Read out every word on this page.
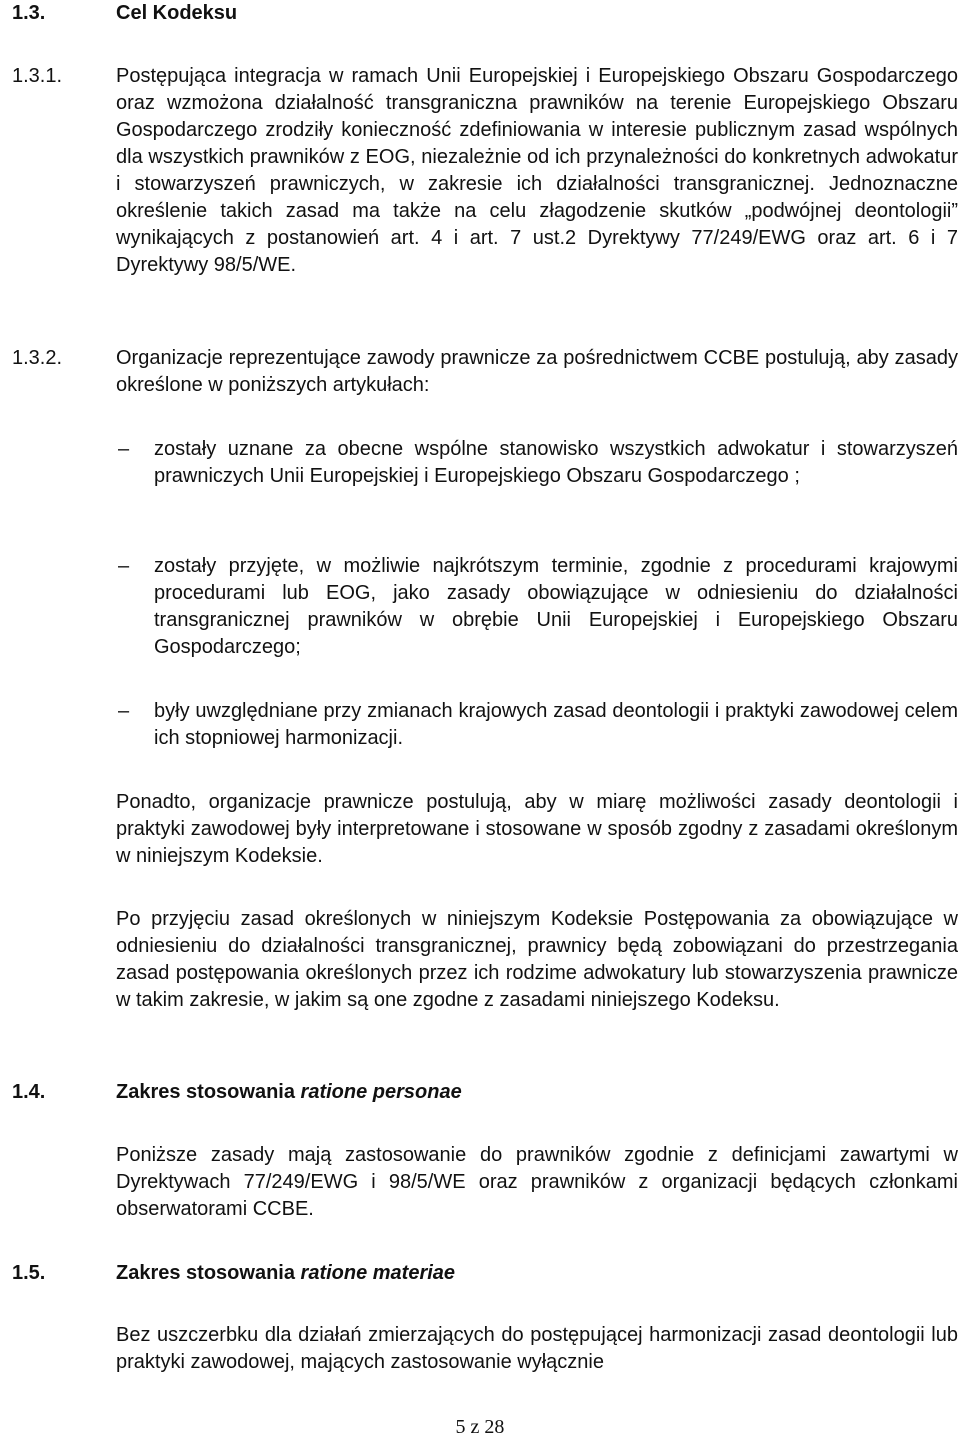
1.3.	Cel Kodeksu
1.3.1.	Postępująca integracja w ramach Unii Europejskiej i Europejskiego Obszaru Gospodarczego oraz wzmożona działalność transgraniczna prawników na terenie Europejskiego Obszaru Gospodarczego zrodziły konieczność zdefiniowania w interesie publicznym zasad wspólnych dla wszystkich prawników z EOG, niezależnie od ich przynależności do konkretnych adwokatur i stowarzyszeń prawniczych, w zakresie ich działalności transgranicznej. Jednoznaczne określenie takich zasad ma także na celu złagodzenie skutków „podwójnej deontologii” wynikających z postanowień art. 4 i art. 7 ust.2 Dyrektywy 77/249/EWG oraz art. 6 i 7 Dyrektywy 98/5/WE.
1.3.2.	Organizacje reprezentujące zawody prawnicze za pośrednictwem CCBE postulują, aby zasady określone w poniższych artykułach:
– zostały uznane za obecne wspólne stanowisko wszystkich adwokatur i stowarzyszeń prawniczych Unii Europejskiej i Europejskiego Obszaru Gospodarczego ;
– zostały przyjęte, w możliwie najkrótszym terminie, zgodnie z procedurami krajowymi procedurami lub EOG, jako zasady obowiązujące w odniesieniu do działalności transgranicznej prawników w obrębie Unii Europejskiej i Europejskiego Obszaru Gospodarczego;
– były uwzględniane przy zmianach krajowych zasad deontologii i praktyki zawodowej celem ich stopniowej harmonizacji.
Ponadto, organizacje prawnicze postulują, aby w miarę możliwości zasady deontologii i praktyki zawodowej były interpretowane i stosowane w sposób zgodny z zasadami określonym w niniejszym Kodeksie.
Po przyjęciu zasad określonych w niniejszym Kodeksie Postępowania za obowiązujące w odniesieniu do działalności transgranicznej, prawnicy będą zobowiązani do przestrzegania zasad postępowania określonych przez ich rodzime adwokatury lub stowarzyszenia prawnicze w takim zakresie, w jakim są one zgodne z zasadami niniejszego Kodeksu.
1.4.	Zakres stosowania ratione personae
Poniższe zasady mają zastosowanie do prawników zgodnie z definicjami zawartymi w Dyrektywach 77/249/EWG i 98/5/WE oraz prawników z organizacji będących członkami obserwatorami CCBE.
1.5.	Zakres stosowania ratione materiae
Bez uszczerbku dla działań zmierzających do postępującej harmonizacji zasad deontologii lub praktyki zawodowej, mających zastosowanie wyłącznie
5 z 28
